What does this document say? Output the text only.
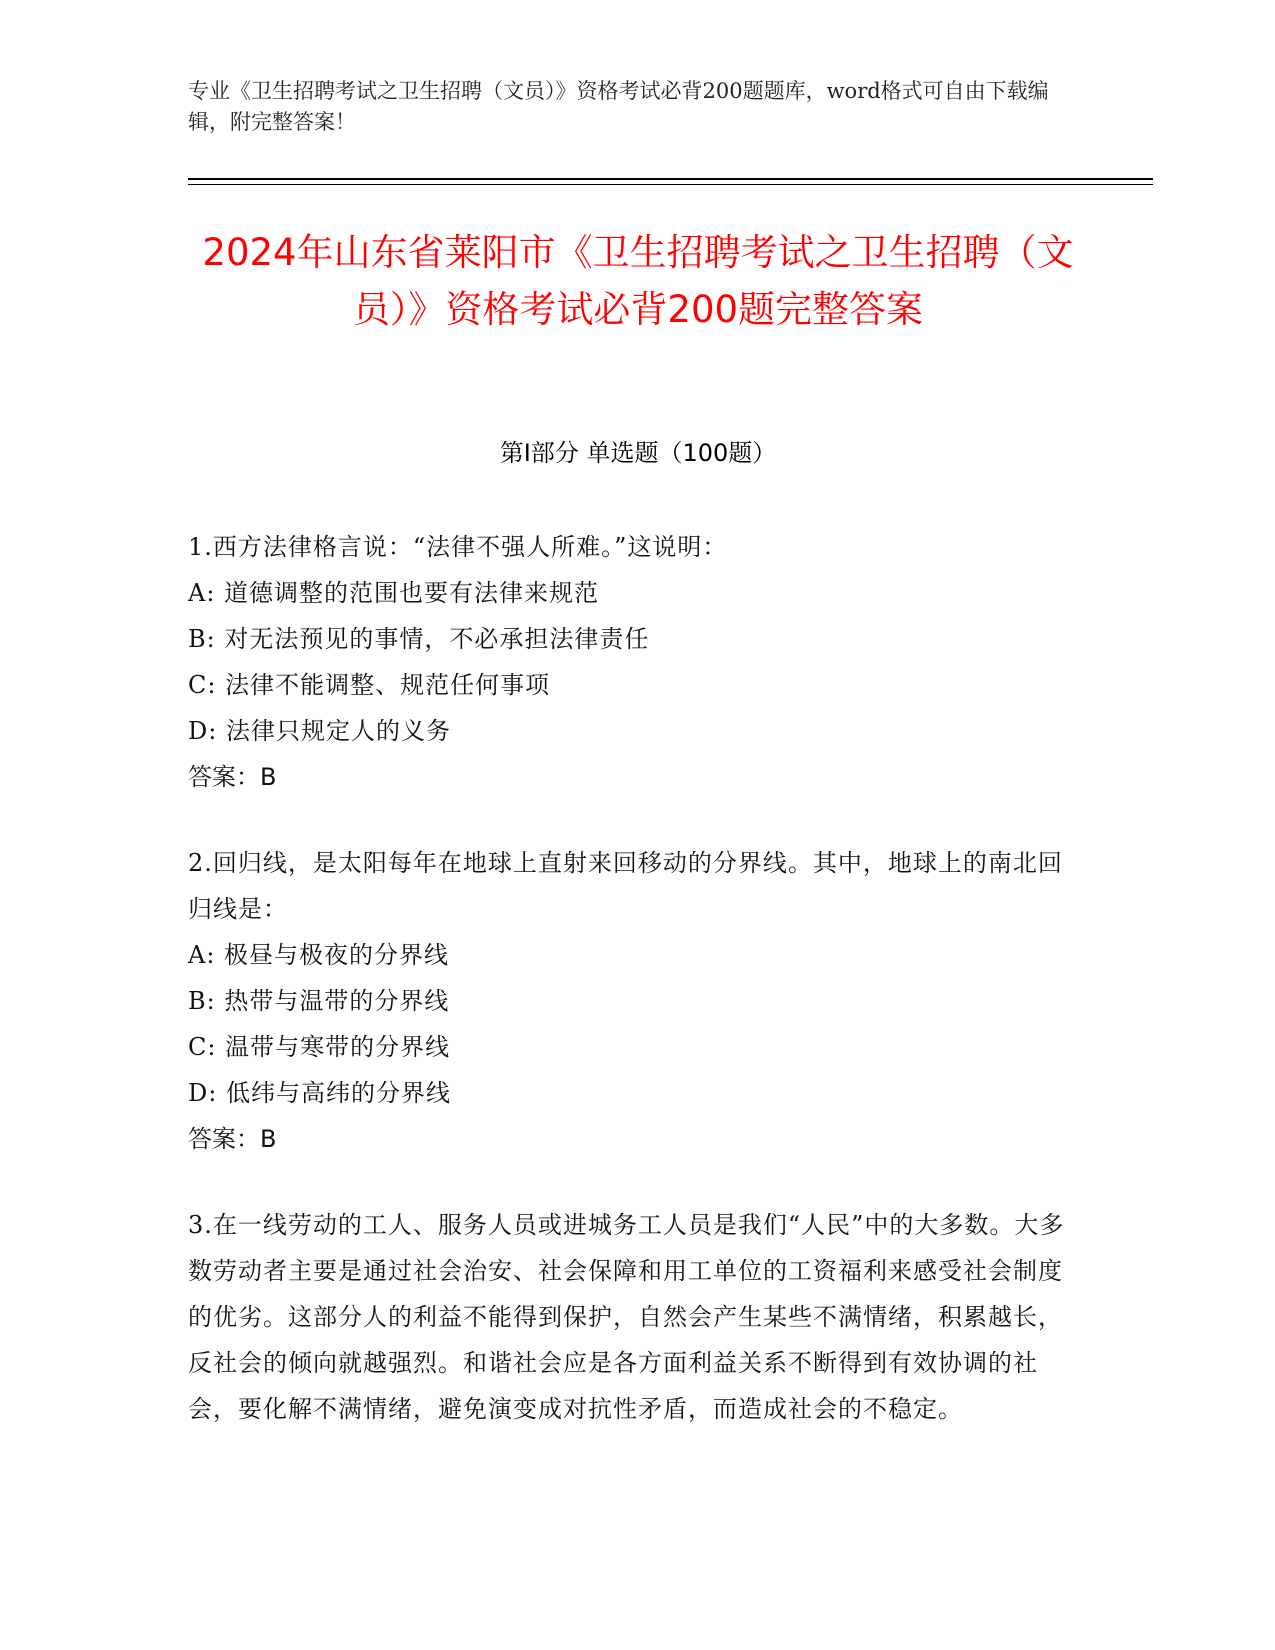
专业《卫生招聘考试之卫生招聘（文员）》资格考试必背200题题库，word格式可自由下载编辑，附完整答案！
2024年山东省莱阳市《卫生招聘考试之卫生招聘（文员）》资格考试必背200题完整答案
第I部分 单选题（100题）

1.西方法律格言说：“法律不强人所难。”这说明：

A: 道德调整的范围也要有法律来规范

B: 对无法预见的事情，不必承担法律责任

C: 法律不能调整、规范任何事项

D: 法律只规定人的义务

答案：B

2.回归线，是太阳每年在地球上直射来回移动的分界线。其中，地球上的南北回归线是：

A: 极昼与极夜的分界线

B: 热带与温带的分界线

C: 温带与寒带的分界线

D: 低纬与高纬的分界线

答案：B

3.在一线劳动的工人、服务人员或进城务工人员是我们“人民”中的大多数。大多数劳动者主要是通过社会治安、社会保障和用工单位的工资福利来感受社会制度的优劣。这部分人的利益不能得到保护，自然会产生某些不满情绪，积累越长，反社会的倾向就越强烈。和谐社会应是各方面利益关系不断得到有效协调的社会，要化解不满情绪，避免演变成对抗性矛盾，而造成社会的不稳定。
